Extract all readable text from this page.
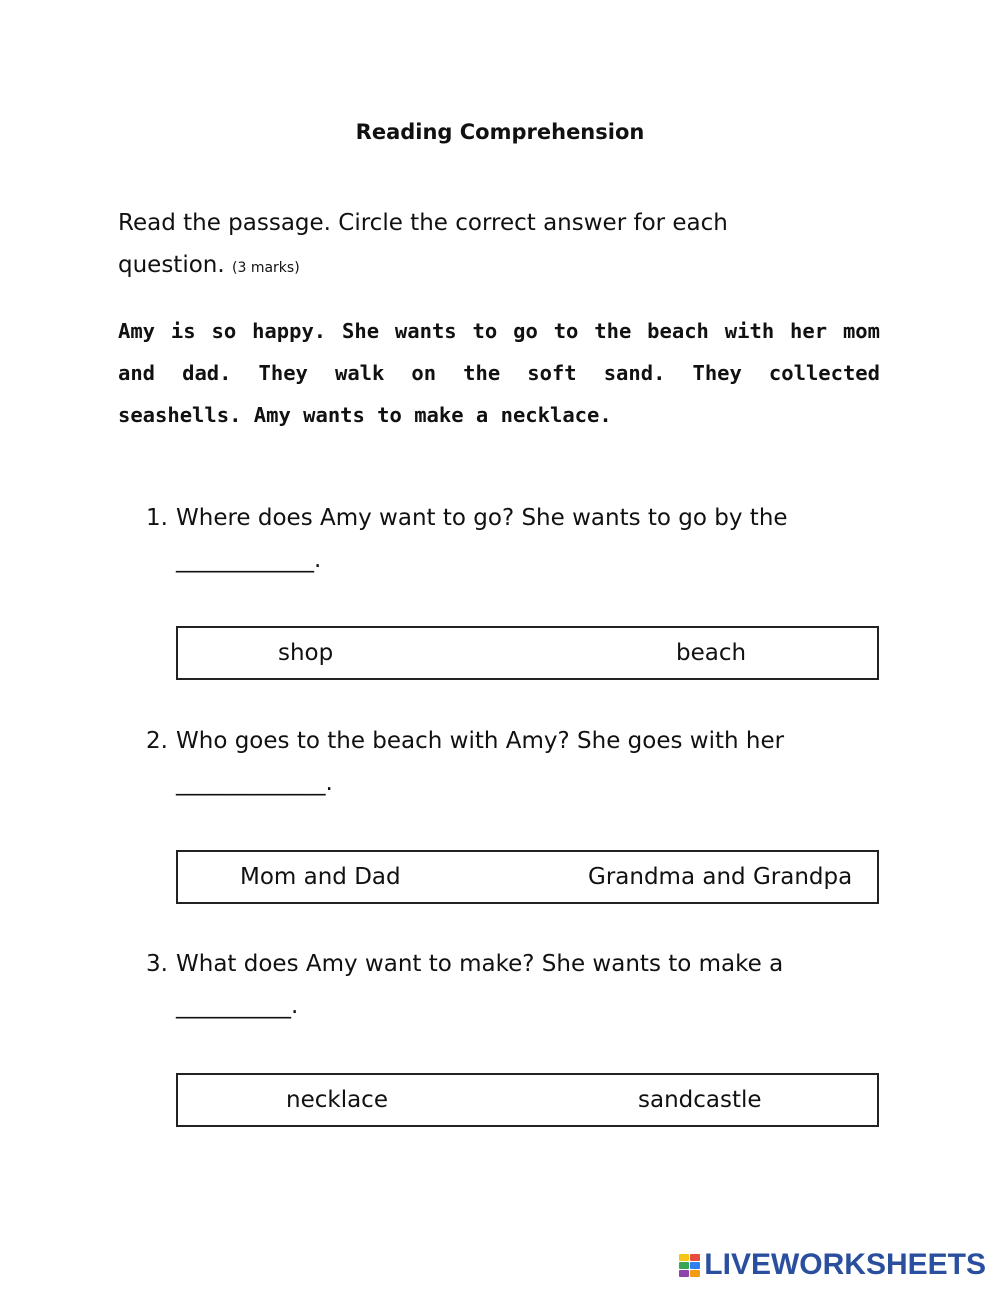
Reading Comprehension
Read the passage. Circle the correct answer for each question. (3 marks)
Amy is so happy. She wants to go to the beach with her mom and dad. They walk on the soft sand. They collected seashells. Amy wants to make a necklace.
1. Where does Amy want to go? She wants to go by the
____________.
shop	beach
2. Who goes to the beach with Amy? She goes with her
_____________.
Mom and Dad	Grandma and Grandpa
3. What does Amy want to make? She wants to make a
__________.
necklace	sandcastle
LIVEWORKSHEETS
